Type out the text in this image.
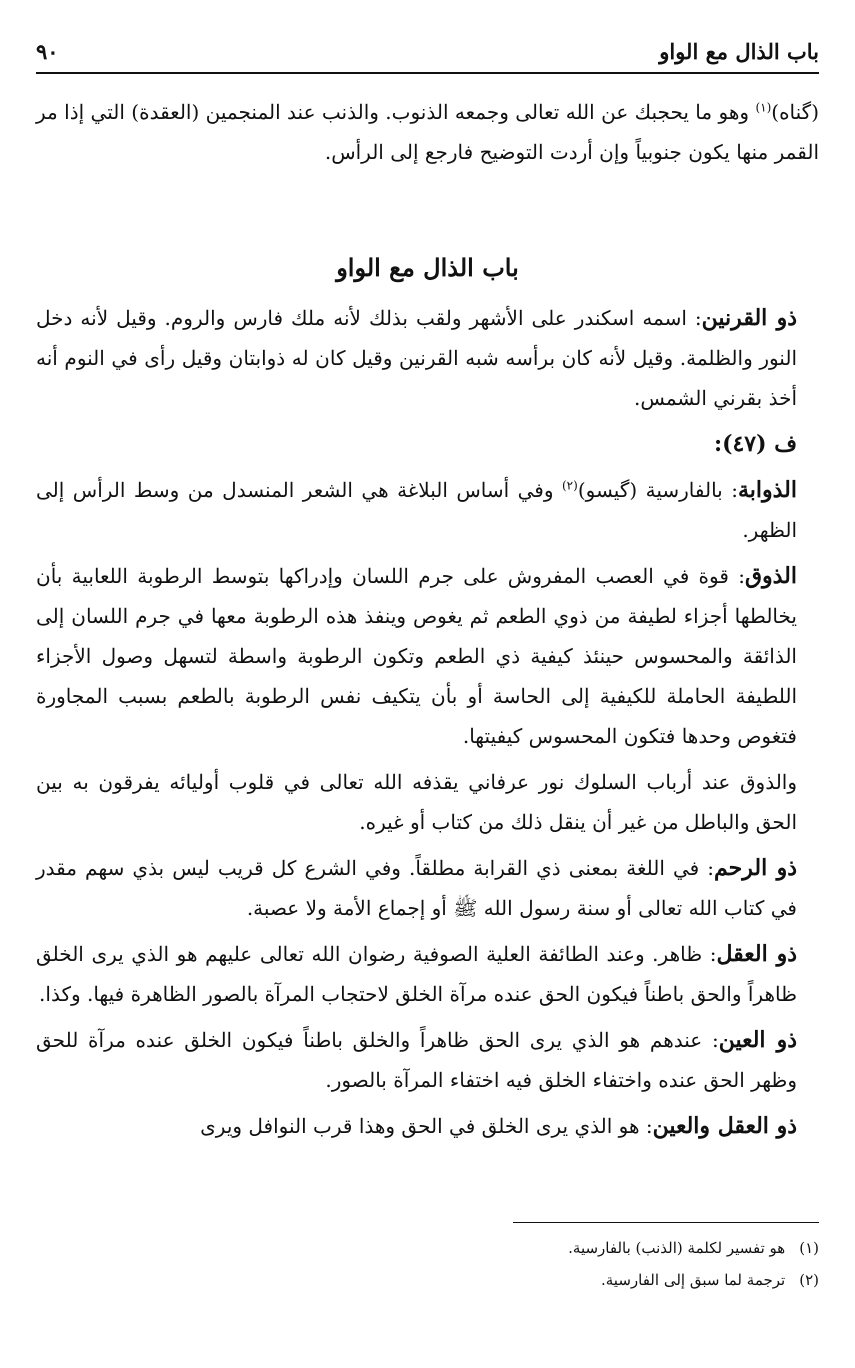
باب الذال مع الواو
٩٠

(گناه)$^{(١)}$ وهو ما يحجبك عن الله تعالى وجمعه الذنوب. والذنب عند المنجمين (العقدة) التي إذا مر القمر منها يكون جنوبياً وإن أردت التوضيح فارجع إلى الرأس.

باب الذال مع الواو

ذو القرنين: اسمه اسكندر على الأشهر ولقب بذلك لأنه ملك فارس والروم. وقيل لأنه دخل النور والظلمة. وقيل لأنه كان برأسه شبه القرنين وقيل كان له ذوابتان وقيل رأى في النوم أنه أخذ بقرني الشمس.

ف (٤٧):

الذوابة: بالفارسية (گيسو)$^{(٢)}$ وفي أساس البلاغة هي الشعر المنسدل من وسط الرأس إلى الظهر.

الذوق: قوة في العصب المفروش على جرم اللسان وإدراكها بتوسط الرطوبة اللعابية بأن يخالطها أجزاء لطيفة من ذوي الطعم ثم يغوص وينفذ هذه الرطوبة معها في جرم اللسان إلى الذائقة والمحسوس حينئذ كيفية ذي الطعم وتكون الرطوبة واسطة لتسهل وصول الأجزاء اللطيفة الحاملة للكيفية إلى الحاسة أو بأن يتكيف نفس الرطوبة بالطعم بسبب المجاورة فتغوص وحدها فتكون المحسوس كيفيتها.

والذوق عند أرباب السلوك نور عرفاني يقذفه الله تعالى في قلوب أوليائه يفرقون به بين الحق والباطل من غير أن ينقل ذلك من كتاب أو غيره.

ذو الرحم: في اللغة بمعنى ذي القرابة مطلقاً. وفي الشرع كل قريب ليس بذي سهم مقدر في كتاب الله تعالى أو سنة رسول الله ﷺ أو إجماع الأمة ولا عصبة.

ذو العقل: ظاهر. وعند الطائفة العلية الصوفية رضوان الله تعالى عليهم هو الذي يرى الخلق ظاهراً والحق باطناً فيكون الحق عنده مرآة الخلق لاحتجاب المرآة بالصور الظاهرة فيها. وكذا.

ذو العين: عندهم هو الذي يرى الحق ظاهراً والخلق باطناً فيكون الخلق عنده مرآة للحق وظهر الحق عنده واختفاء الخلق فيه اختفاء المرآة بالصور.

ذو العقل والعين: هو الذي يرى الخلق في الحق وهذا قرب النوافل ويرى

(١)هو تفسير لكلمة (الذنب) بالفارسية.
(٢)ترجمة لما سبق إلى الفارسية.
